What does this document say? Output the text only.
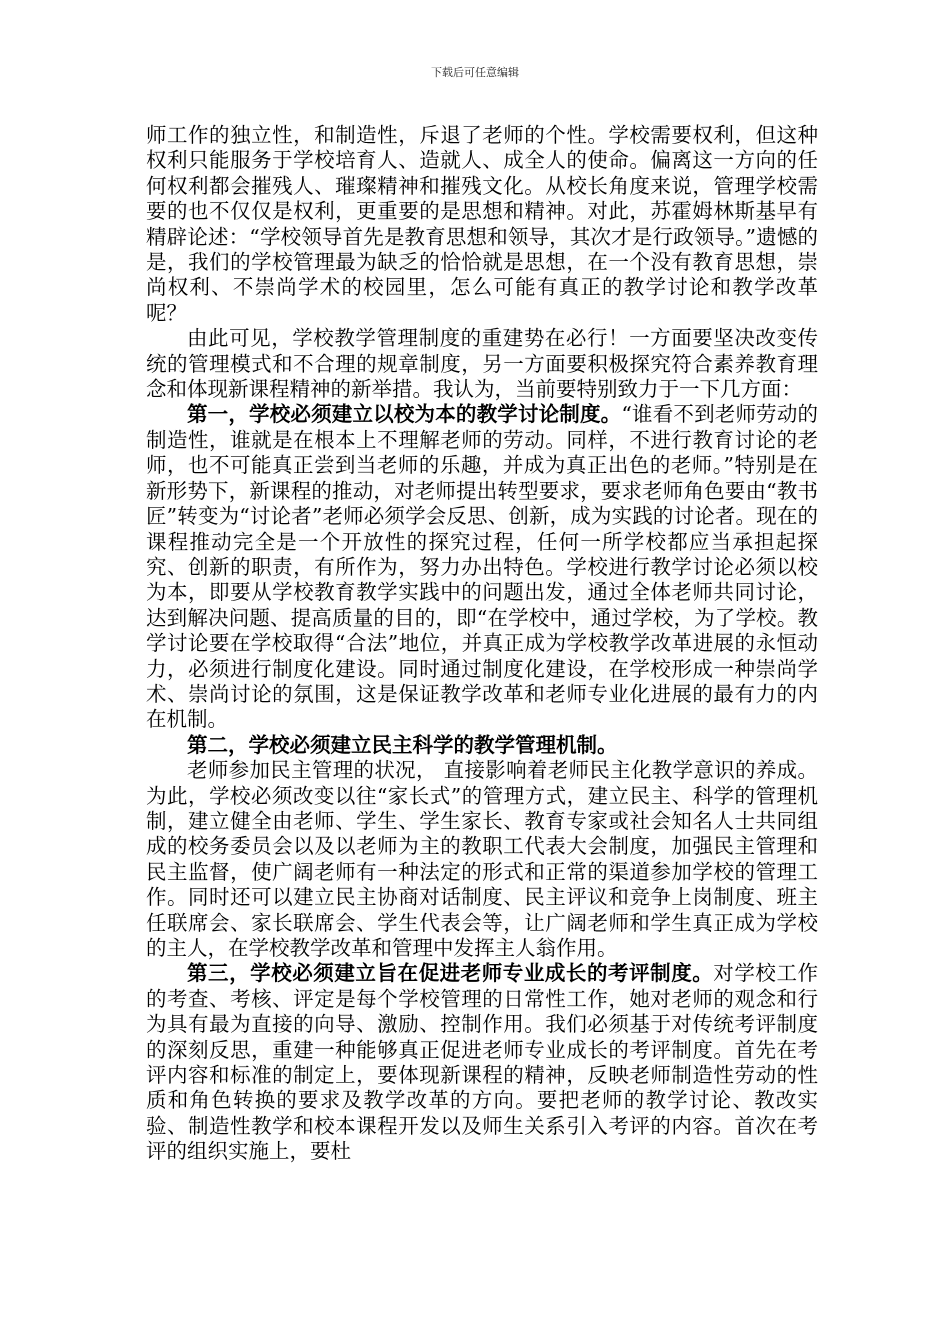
下载后可任意编辑

师工作的独立性，和制造性，斥退了老师的个性。学校需要权利，但这种权利只能服务于学校培育人、造就人、成全人的使命。偏离这一方向的任何权利都会摧残人、璀璨精神和摧残文化。从校长角度来说，管理学校需要的也不仅仅是权利，更重要的是思想和精神。对此，苏霍姆林斯基早有精辟论述：“学校领导首先是教育思想和领导，其次才是行政领导。”遗憾的是，我们的学校管理最为缺乏的恰恰就是思想，在一个没有教育思想，崇尚权利、不崇尚学术的校园里，怎么可能有真正的教学讨论和教学改革呢？

由此可见，学校教学管理制度的重建势在必行！一方面要坚决改变传统的管理模式和不合理的规章制度，另一方面要积极探究符合素养教育理念和体现新课程精神的新举措。我认为，当前要特别致力于一下几方面：

第一，学校必须建立以校为本的教学讨论制度。“谁看不到老师劳动的制造性，谁就是在根本上不理解老师的劳动。同样，不进行教育讨论的老师，也不可能真正尝到当老师的乐趣，并成为真正出色的老师。”特别是在新形势下，新课程的推动，对老师提出转型要求，要求老师角色要由“教书匠”转变为“讨论者”老师必须学会反思、创新，成为实践的讨论者。现在的课程推动完全是一个开放性的探究过程，任何一所学校都应当承担起探究、创新的职责，有所作为，努力办出特色。学校进行教学讨论必须以校为本，即要从学校教育教学实践中的问题出发，通过全体老师共同讨论，达到解决问题、提高质量的目的，即“在学校中，通过学校，为了学校。教学讨论要在学校取得“合法”地位，并真正成为学校教学改革进展的永恒动力，必须进行制度化建设。同时通过制度化建设，在学校形成一种崇尚学术、崇尚讨论的氛围，这是保证教学改革和老师专业化进展的最有力的内在机制。

第二，学校必须建立民主科学的教学管理机制。

老师参加民主管理的状况， 直接影响着老师民主化教学意识的养成。为此，学校必须改变以往“家长式”的管理方式，建立民主、科学的管理机制，建立健全由老师、学生、学生家长、教育专家或社会知名人士共同组成的校务委员会以及以老师为主的教职工代表大会制度，加强民主管理和民主监督，使广阔老师有一种法定的形式和正常的渠道参加学校的管理工作。同时还可以建立民主协商对话制度、民主评议和竞争上岗制度、班主任联席会、家长联席会、学生代表会等，让广阔老师和学生真正成为学校的主人，在学校教学改革和管理中发挥主人翁作用。

第三，学校必须建立旨在促进老师专业成长的考评制度。对学校工作的考查、考核、评定是每个学校管理的日常性工作，她对老师的观念和行为具有最为直接的向导、激励、控制作用。我们必须基于对传统考评制度的深刻反思，重建一种能够真正促进老师专业成长的考评制度。首先在考评内容和标准的制定上，要体现新课程的精神，反映老师制造性劳动的性质和角色转换的要求及教学改革的方向。要把老师的教学讨论、教改实验、制造性教学和校本课程开发以及师生关系引入考评的内容。首次在考评的组织实施上，要杜
